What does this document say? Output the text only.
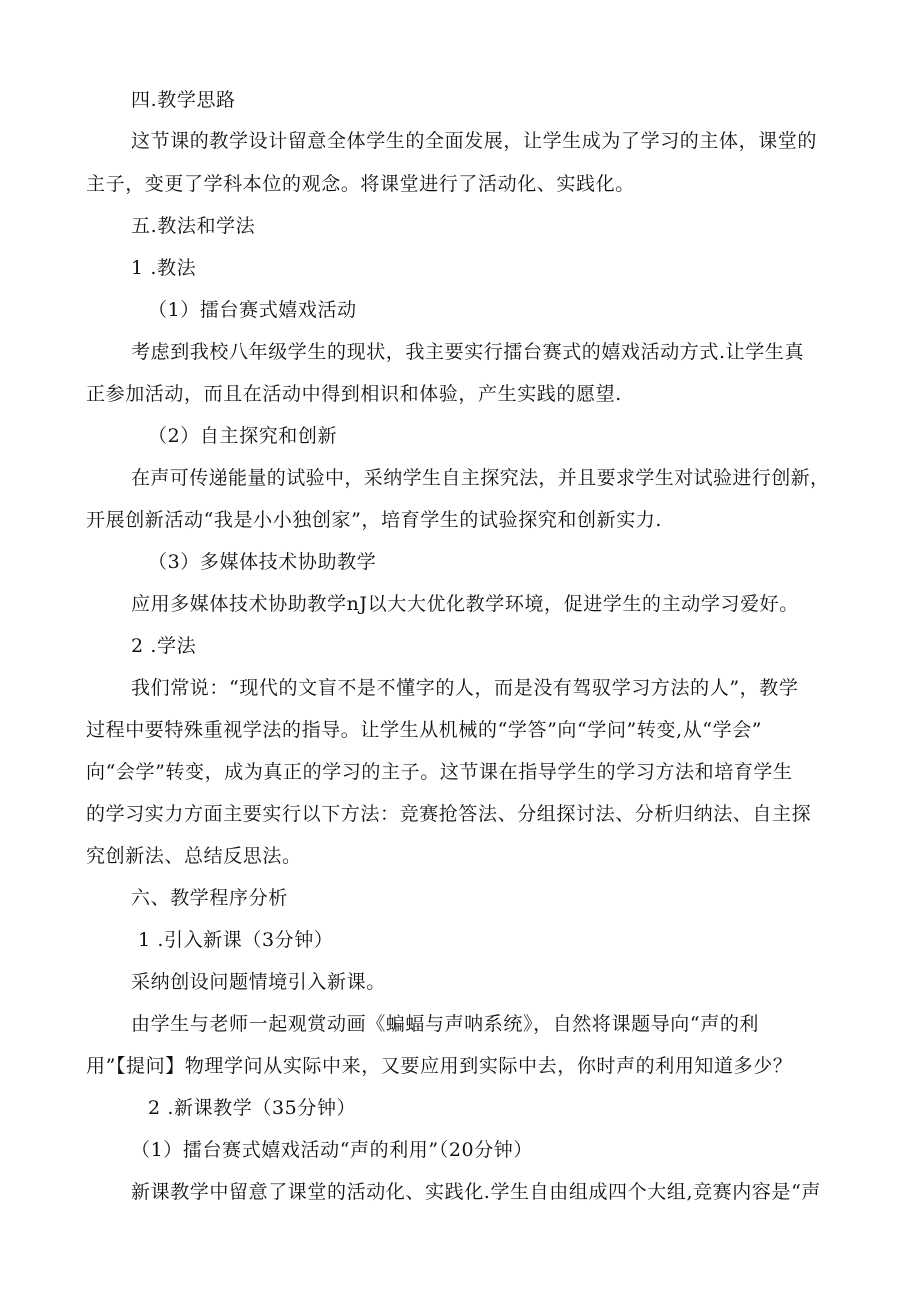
四.教学思路
这节课的教学设计留意全体学生的全面发展，让学生成为了学习的主体，课堂的
主子，变更了学科本位的观念。将课堂进行了活动化、实践化。
五.教法和学法
1 .教法
（1）擂台赛式嬉戏活动
考虑到我校八年级学生的现状，我主要实行擂台赛式的嬉戏活动方式.让学生真
正参加活动，而且在活动中得到相识和体验，产生实践的愿望.
（2）自主探究和创新
在声可传递能量的试验中，采纳学生自主探究法，并且要求学生对试验进行创新，
开展创新活动“我是小小独创家”，培育学生的试验探究和创新实力.
（3）多媒体技术协助教学
应用多媒体技术协助教学nJ以大大优化教学环境，促进学生的主动学习爱好。
2 .学法
我们常说：“现代的文盲不是不懂字的人，而是没有驾驭学习方法的人”，教学
过程中要特殊重视学法的指导。让学生从机械的“学答”向“学问”转变,从“学会”
向“会学”转变，成为真正的学习的主子。这节课在指导学生的学习方法和培育学生
的学习实力方面主要实行以下方法：竞赛抢答法、分组探讨法、分析归纳法、自主探
究创新法、总结反思法。
六、教学程序分析
1 .引入新课（3分钟）
采纳创设问题情境引入新课。
由学生与老师一起观赏动画《蝙蝠与声呐系统》，自然将课题导向“声的利
用”【提问】物理学问从实际中来，又要应用到实际中去，你时声的利用知道多少？
2 .新课教学（35分钟）
（1）擂台赛式嬉戏活动“声的利用”（20分钟）
新课教学中留意了课堂的活动化、实践化.学生自由组成四个大组,竞赛内容是“声
